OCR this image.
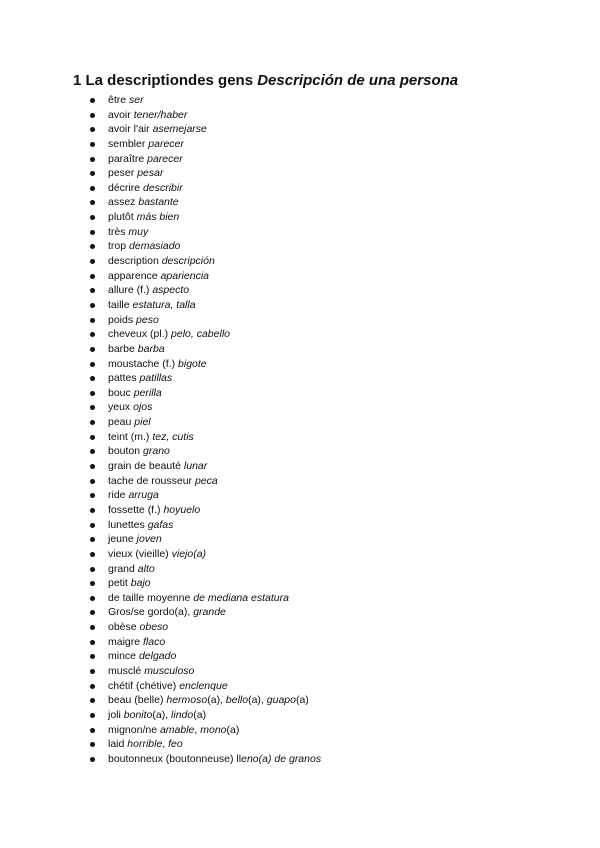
1 La descriptiondes gens Descripción de una persona
être ser
avoir tener/haber
avoir l'air asemejarse
sembler parecer
paraître parecer
peser pesar
décrire describir
assez bastante
plutôt más bien
très muy
trop demasiado
description descripción
apparence apariencia
allure (f.) aspecto
taille estatura, talla
poids peso
cheveux (pl.) pelo, cabello
barbe barba
moustache (f.) bigote
pattes patillas
bouc perilla
yeux ojos
peau piel
teint (m.) tez, cutis
bouton grano
grain de beauté lunar
tache de rousseur peca
ride arruga
fossette (f.) hoyuelo
lunettes gafas
jeune joven
vieux (vieille) viejo(a)
grand alto
petit bajo
de taille moyenne de mediana estatura
Gros/se gordo(a), grande
obèse obeso
maigre flaco
mince delgado
musclé musculoso
chétif (chétive) enclenque
beau (belle) hermoso(a), bello(a), guapo(a)
joli bonito(a), lindo(a)
mignon/ne amable, mono(a)
laid horrible, feo
boutonneux (boutonneuse) lleno(a) de granos
